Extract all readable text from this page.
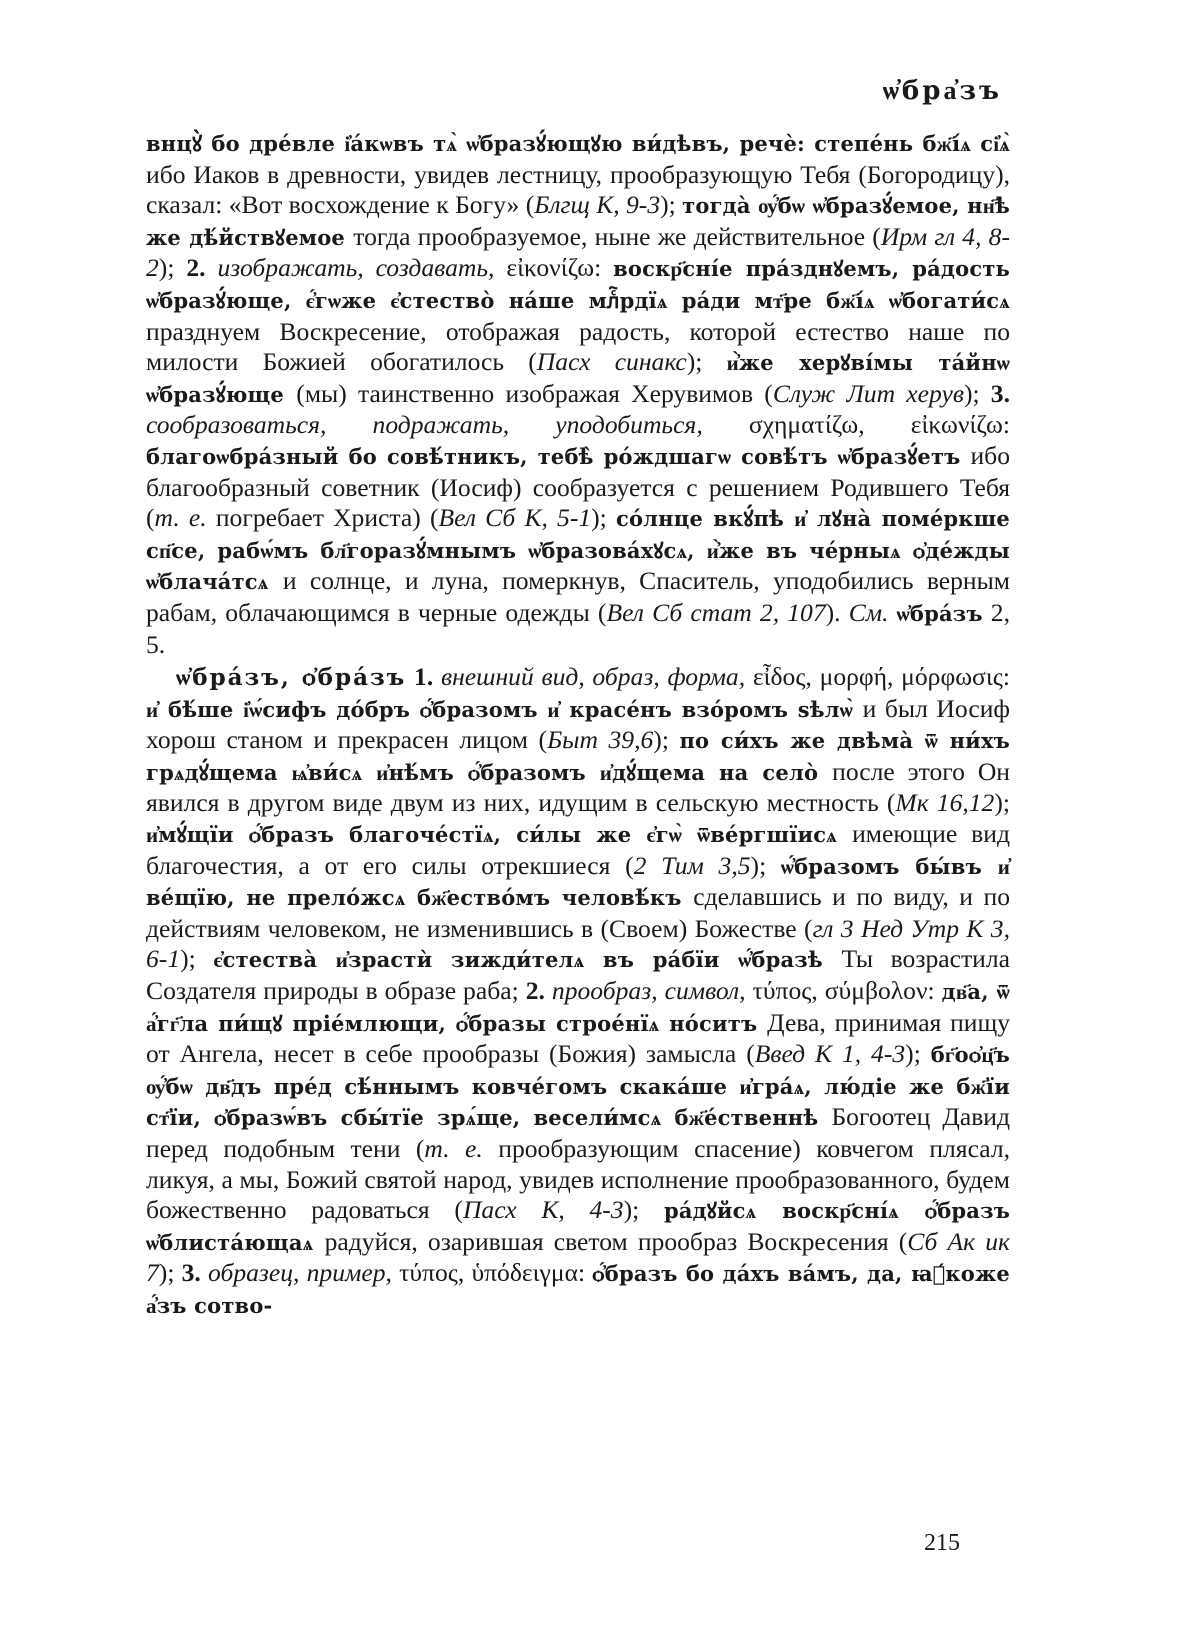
ѡ҆бра҆зъ

внцꙋ̀ бо дре́вле і҆а́кѡвъ тѧ̀ ѡ҆бразꙋ́ющꙋю ви́дѣвъ, речѐ: степе́нь бж҃і́ѧ сі҆ѧ̀ ибо Иаков в древности, увидев лестницу, прообразующую Тебя (Богородицу), сказал: «Вот восхождение к Богу» (Блгщ К, 9-3); тогда̀ ѹ҆́бѡ ѡ҆бразꙋ́емое, нн҃ѣ же дѣ́йствꙋемое тогда прообразуемое, ныне же действительное (Ирм гл 4, 8-2); 2. изображать, создавать, εἰκονίζω: воскр҃сні́е пра́зднꙋемъ, ра́дость ѡ҆бразꙋ́юще, є҆́гѡже є҆стество̀ на́ше млⷭ҇рдїѧ ра́ди мт҃ре бж҃і́ѧ ѡ҆богати́сѧ празднуем Воскресение, отображая радость, которой естество наше по милости Божией обогатилось (Пасх синакс); и҆̀же херꙋві́мы та́йнѡ ѡ҆бразꙋ́юще (мы) таинственно изображая Херувимов (Служ Лит херув); 3. сообразоваться, подражать, уподобиться, σχηματίζω, εἰκωνίζω: благоѡбра́зный бо совѣ́тникъ, тебѣ̀ ро́ждшагѡ совѣ́тъ ѡ҆бразꙋ́етъ ибо благообразный советник (Иосиф) сообразуется с решением Родившего Тебя (т. е. погребает Христа) (Вел Сб К, 5-1); со́лнце вкꙋ́пѣ и҆ лꙋна̀ поме́ркше сп҃се, рабѡ́мъ бл҃горазꙋ́мнымъ ѡ҆бразова́хꙋсѧ, и҆̀же въ че́рныѧ ѻ҆де́жды ѡ҆блача́тсѧ и солнце, и луна, померкнув, Спаситель, уподобились верным рабам, облачающимся в черные одежды (Вел Сб стат 2, 107). См. ѡ҆бра́зъ 2, 5.

ѡ҆бра́зъ, ѻ҆бра́зъ 1. внешний вид, образ, форма, εἶδος, μορφή, μόρφωσις: и҆ бѣ́ше і҆ѡ́сифъ до́бръ ѻ҆́бразомъ и҆ красе́нъ взо́ромъ ѕѣлѡ̀ и был Иосиф хорош станом и прекрасен лицом (Быт 39,6); по си́хъ же двѣма̀ ѿ ни́хъ грѧдꙋ́щема ѩ҆ви́сѧ и҆нѣ́мъ ѻ҆́бразомъ и҆дꙋ́щема на село̀ после этого Он явился в другом виде двум из них, идущим в сельскую местность (Мк 16,12); и҆мꙋ́щїи ѻ҆́бразъ благоче́стїѧ, си́лы же є҆гѡ̀ ѿве́ргшїисѧ имеющие вид благочестия, а от его силы отрекшиеся (2 Тим 3,5); ѡ҆́бразомъ бы́въ и҆ ве́щїю, не прело́жсѧ бж҃ество́мъ человѣ́къ сделавшись и по виду, и по действиям человеком, не изменившись в (Своем) Божестве (гл 3 Нед Утр К 3, 6-1); є҆стества̀ и҆зрастѝ зижди́телѧ въ ра́бїи ѡ҆́бразѣ Ты возрастила Создателя природы в образе раба; 2. прообраз, символ, τύπος, σύμβολον: дв҃а, ѿ а҆́гг҃ла пи́щꙋ пріе́млющи, ѻ҆́бразы строе́нїѧ но́ситъ Дева, принимая пищу от Ангела, несет в себе прообразы (Божия) замысла (Введ К 1, 4-3); бг҃оѻ҆ц҃ъ ѹ҆́бѡ дв҃дъ пре́д сѣ́ннымъ ковче́гомъ скака́ше и҆гра́ѧ, лю́діе же бж҃їи ст҃їи, ѻ҆бразѡ́въ сбы́тїе зрѧ́ще, весели́мсѧ бж҃е́ственнѣ Богоотец Давид перед подобным тени (т. е. прообразующим спасение) ковчегом плясал, ликуя, а мы, Божий святой народ, увидев исполнение прообразованного, будем божественно радоваться (Пасх К, 4-3); ра́дꙋйсѧ воскр҃сні́ѧ ѻ҆́бразъ ѡ҆блиста́ющаѧ радуйся, озарившая светом прообраз Воскресения (Сб Ак ик 7); 3. образец, пример, τύπος, ὑπόδειγμα: ѻ҆́бразъ бо да́хъ ва́мъ, да, ꙗ҆́коже а҆́зъ сотво-

215
